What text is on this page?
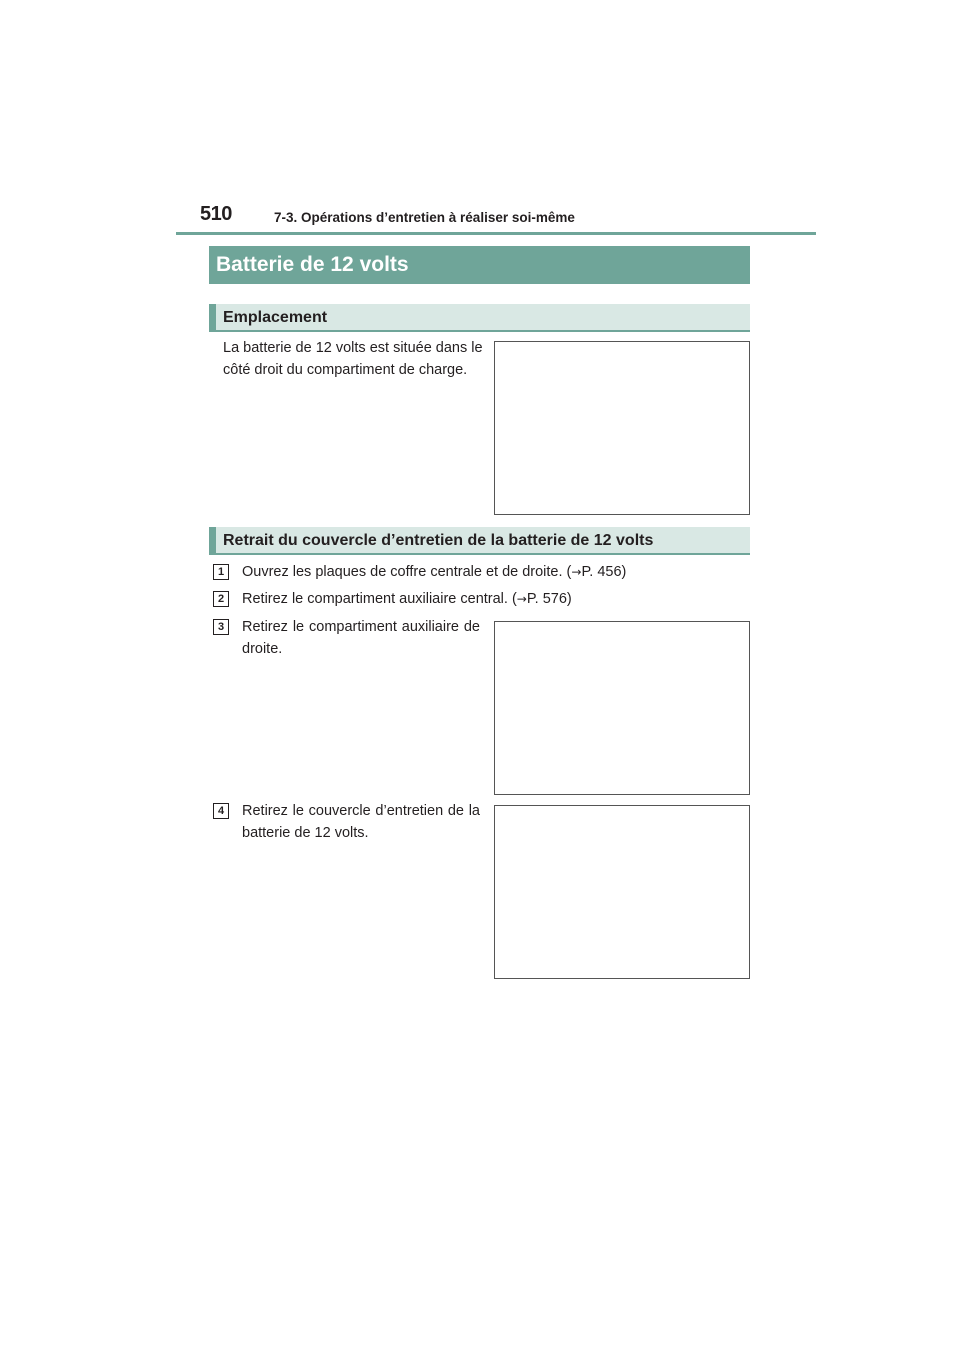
510	7-3. Opérations d’entretien à réaliser soi-même
Batterie de 12 volts
Emplacement
La batterie de 12 volts est située dans le côté droit du compartiment de charge.
Retrait du couvercle d’entretien de la batterie de 12 volts
1	Ouvrez les plaques de coffre centrale et de droite. (→P. 456)
2	Retirez le compartiment auxiliaire central. (→P. 576)
3	Retirez le compartiment auxiliaire de droite.
4	Retirez le couvercle d’entretien de la batterie de 12 volts.
